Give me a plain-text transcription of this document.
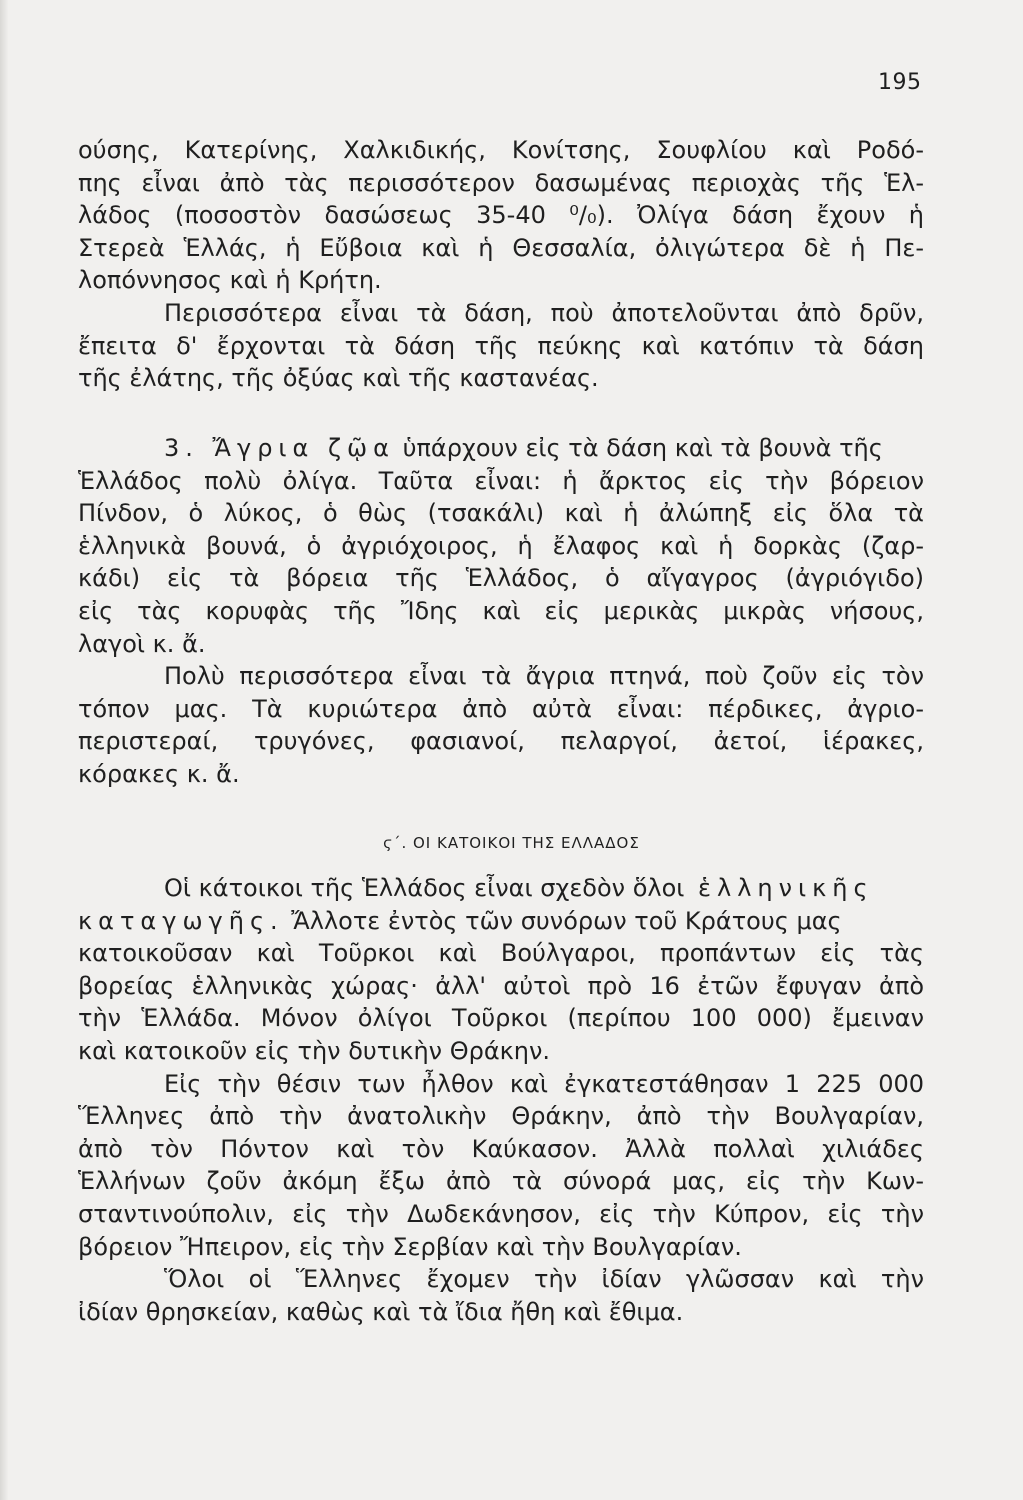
195
ούσης, Κατερίνης, Χαλκιδικής, Κονίτσης, Σουφλίου καὶ Ροδό-
πης εἶναι ἀπὸ τὰς περισσότερον δασωμένας περιοχὰς τῆς Ἑλ-
λάδος (ποσοστὸν δασώσεως 35-40 ⁰/₀). Ὀλίγα δάση ἔχουν ἡ
Στερεὰ Ἑλλάς, ἡ Εὔβοια καὶ ἡ Θεσσαλία, ὀλιγώτερα δὲ ἡ Πε-
λοπόννησος καὶ ἡ Κρήτη.
Περισσότερα εἶναι τὰ δάση, ποὺ ἀποτελοῦνται ἀπὸ δρῦν,
ἔπειτα δ' ἔρχονται τὰ δάση τῆς πεύκης καὶ κατόπιν τὰ δάση
τῆς ἐλάτης, τῆς ὀξύας καὶ τῆς καστανέας.
3. Ἄγρια ζῷα ὑπάρχουν εἰς τὰ δάση καὶ τὰ βουνὰ τῆς
Ἑλλάδος πολὺ ὀλίγα. Ταῦτα εἶναι: ἡ ἄρκτος εἰς τὴν βόρειον
Πίνδον, ὁ λύκος, ὁ θὼς (τσακάλι) καὶ ἡ ἀλώπηξ εἰς ὅλα τὰ
ἑλληνικὰ βουνά, ὁ ἀγριόχοιρος, ἡ ἔλαφος καὶ ἡ δορκὰς (ζαρ-
κάδι) εἰς τὰ βόρεια τῆς Ἑλλάδος, ὁ αἴγαγρος (ἀγριόγιδο)
εἰς τὰς κορυφὰς τῆς Ἴδης καὶ εἰς μερικὰς μικρὰς νήσους,
λαγοὶ κ. ἄ.
Πολὺ περισσότερα εἶναι τὰ ἄγρια πτηνά, ποὺ ζοῦν εἰς τὸν
τόπον μας. Τὰ κυριώτερα ἀπὸ αὐτὰ εἶναι: πέρδικες, ἀγριο-
περιστεραί, τρυγόνες, φασιανοί, πελαργοί, ἀετοί, ἱέρακες,
κόρακες κ. ἄ.
ϛ΄. ΟΙ ΚΑΤΟΙΚΟΙ ΤΗΣ ΕΛΛΑΔΟΣ
Οἱ κάτοικοι τῆς Ἑλλάδος εἶναι σχεδὸν ὅλοι ἑλληνικῆς
καταγωγῆς. Ἄλλοτε ἐντὸς τῶν συνόρων τοῦ Κράτους μας
κατοικοῦσαν καὶ Τοῦρκοι καὶ Βούλγαροι, προπάντων εἰς τὰς
βορείας ἑλληνικὰς χώρας· ἀλλ' αὐτοὶ πρὸ 16 ἐτῶν ἔφυγαν ἀπὸ
τὴν Ἑλλάδα. Μόνον ὀλίγοι Τοῦρκοι (περίπου 100 000) ἔμειναν
καὶ κατοικοῦν εἰς τὴν δυτικὴν Θράκην.
Εἰς τὴν θέσιν των ἦλθον καὶ ἐγκατεστάθησαν 1 225 000
Ἕλληνες ἀπὸ τὴν ἀνατολικὴν Θράκην, ἀπὸ τὴν Βουλγαρίαν,
ἀπὸ τὸν Πόντον καὶ τὸν Καύκασον. Ἀλλὰ πολλαὶ χιλιάδες
Ἑλλήνων ζοῦν ἀκόμη ἔξω ἀπὸ τὰ σύνορά μας, εἰς τὴν Κων-
σταντινούπολιν, εἰς τὴν Δωδεκάνησον, εἰς τὴν Κύπρον, εἰς τὴν
βόρειον Ἤπειρον, εἰς τὴν Σερβίαν καὶ τὴν Βουλγαρίαν.
Ὅλοι οἱ Ἕλληνες ἔχομεν τὴν ἰδίαν γλῶσσαν καὶ τὴν
ἰδίαν θρησκείαν, καθὼς καὶ τὰ ἴδια ἤθη καὶ ἔθιμα.
